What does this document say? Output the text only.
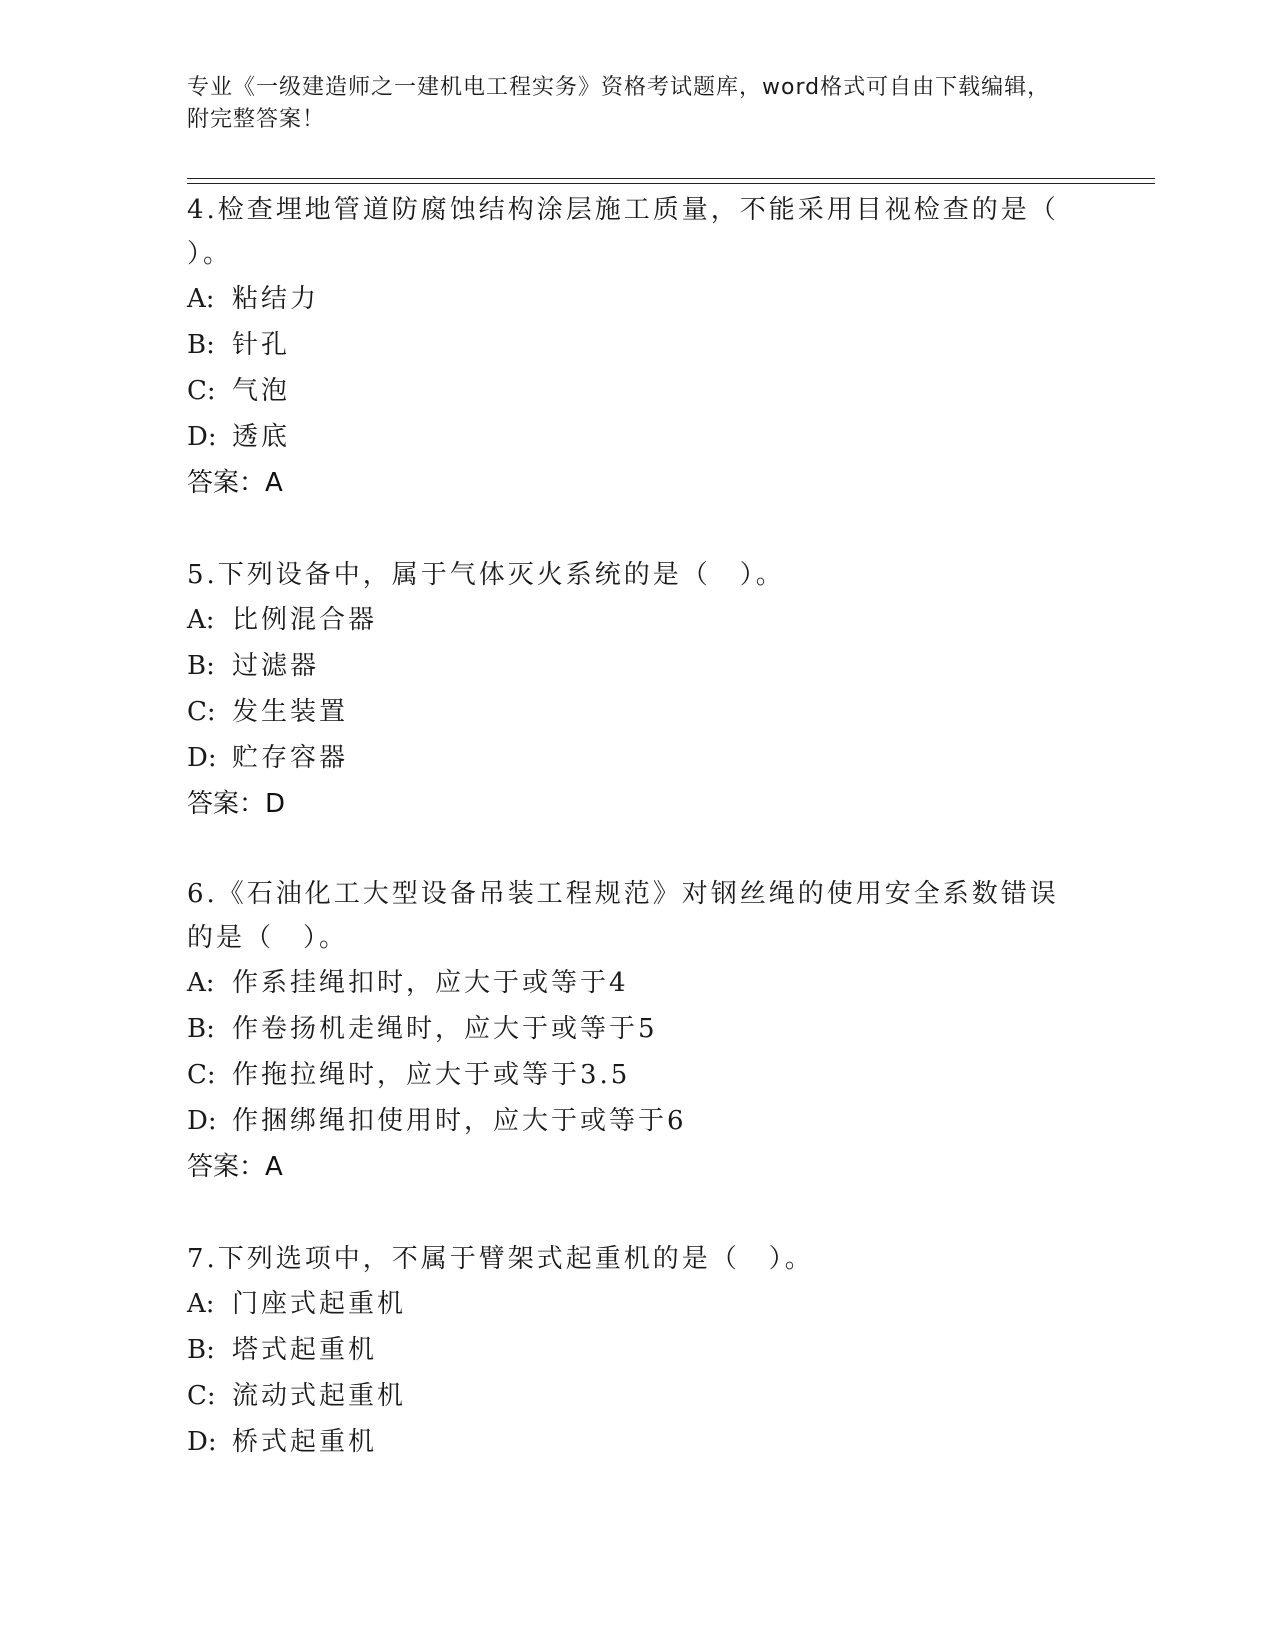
专业《一级建造师之一建机电工程实务》资格考试题库，word格式可自由下载编辑，附完整答案！
4.检查埋地管道防腐蚀结构涂层施工质量，不能采用目视检查的是（ ）。
A: 粘结力
B: 针孔
C: 气泡
D: 透底
答案：A
5.下列设备中，属于气体灭火系统的是（　）。
A: 比例混合器
B: 过滤器
C: 发生装置
D: 贮存容器
答案：D
6.《石油化工大型设备吊装工程规范》对钢丝绳的使用安全系数错误的是（　）。
A: 作系挂绳扣时，应大于或等于4
B: 作卷扬机走绳时，应大于或等于5
C: 作拖拉绳时，应大于或等于3.5
D: 作捆绑绳扣使用时，应大于或等于6
答案：A
7.下列选项中，不属于臂架式起重机的是（　）。
A: 门座式起重机
B: 塔式起重机
C: 流动式起重机
D: 桥式起重机
